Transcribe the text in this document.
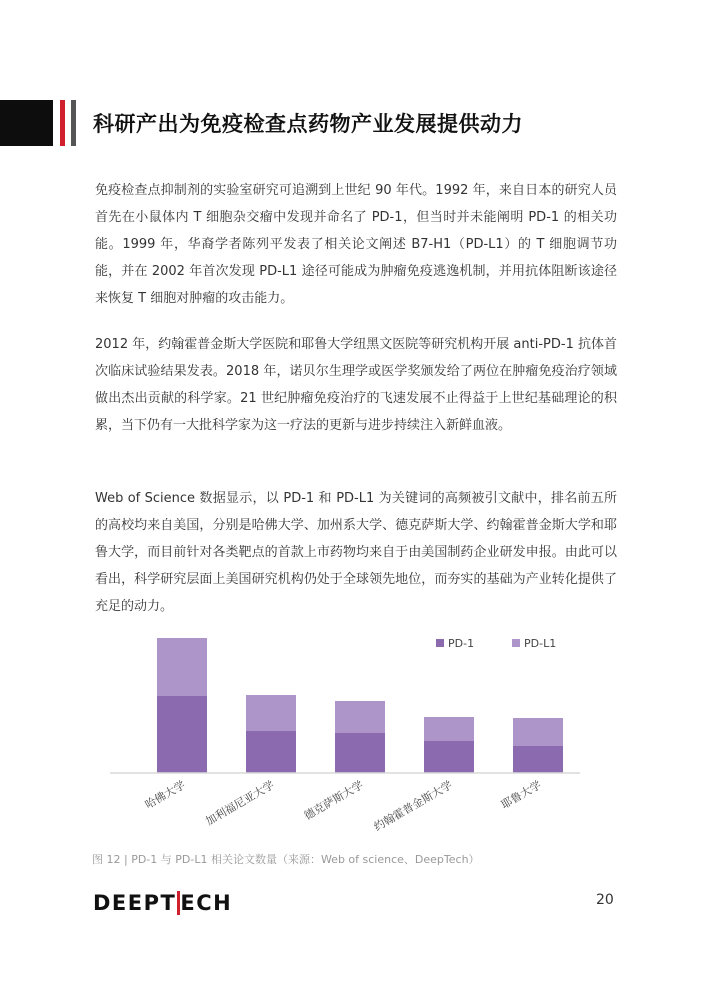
科研产出为免疫检查点药物产业发展提供动力

免疫检查点抑制剂的实验室研究可追溯到上世纪 90 年代。1992 年，来自日本的研究人员首先在小鼠体内 T 细胞杂交瘤中发现并命名了 PD-1，但当时并未能阐明 PD-1 的相关功能。1999 年，华裔学者陈列平发表了相关论文阐述 B7-H1（PD-L1）的 T 细胞调节功能，并在 2002 年首次发现 PD-L1 途径可能成为肿瘤免疫逃逸机制，并用抗体阻断该途径来恢复 T 细胞对肿瘤的攻击能力。

2012 年，约翰霍普金斯大学医院和耶鲁大学纽黑文医院等研究机构开展 anti-PD-1 抗体首次临床试验结果发表。2018 年，诺贝尔生理学或医学奖颁发给了两位在肿瘤免疫治疗领域做出杰出贡献的科学家。21 世纪肿瘤免疫治疗的飞速发展不止得益于上世纪基础理论的积累，当下仍有一大批科学家为这一疗法的更新与进步持续注入新鲜血液。

Web of Science 数据显示，以 PD-1 和 PD-L1 为关键词的高频被引文献中，排名前五所的高校均来自美国，分别是哈佛大学、加州系大学、德克萨斯大学、约翰霍普金斯大学和耶鲁大学，而目前针对各类靶点的首款上市药物均来自于由美国制药企业研发申报。由此可以看出，科学研究层面上美国研究机构仍处于全球领先地位，而夯实的基础为产业转化提供了充足的动力。

哈佛大学 加利福尼亚大学 德克萨斯大学 约翰霍普金斯大学	耶鲁大学
PD-1	PD-L1
图 12 | PD-1 与 PD-L1 相关论文数量（来源：Web of science、DeepTech）
DEEPT ECH	20
